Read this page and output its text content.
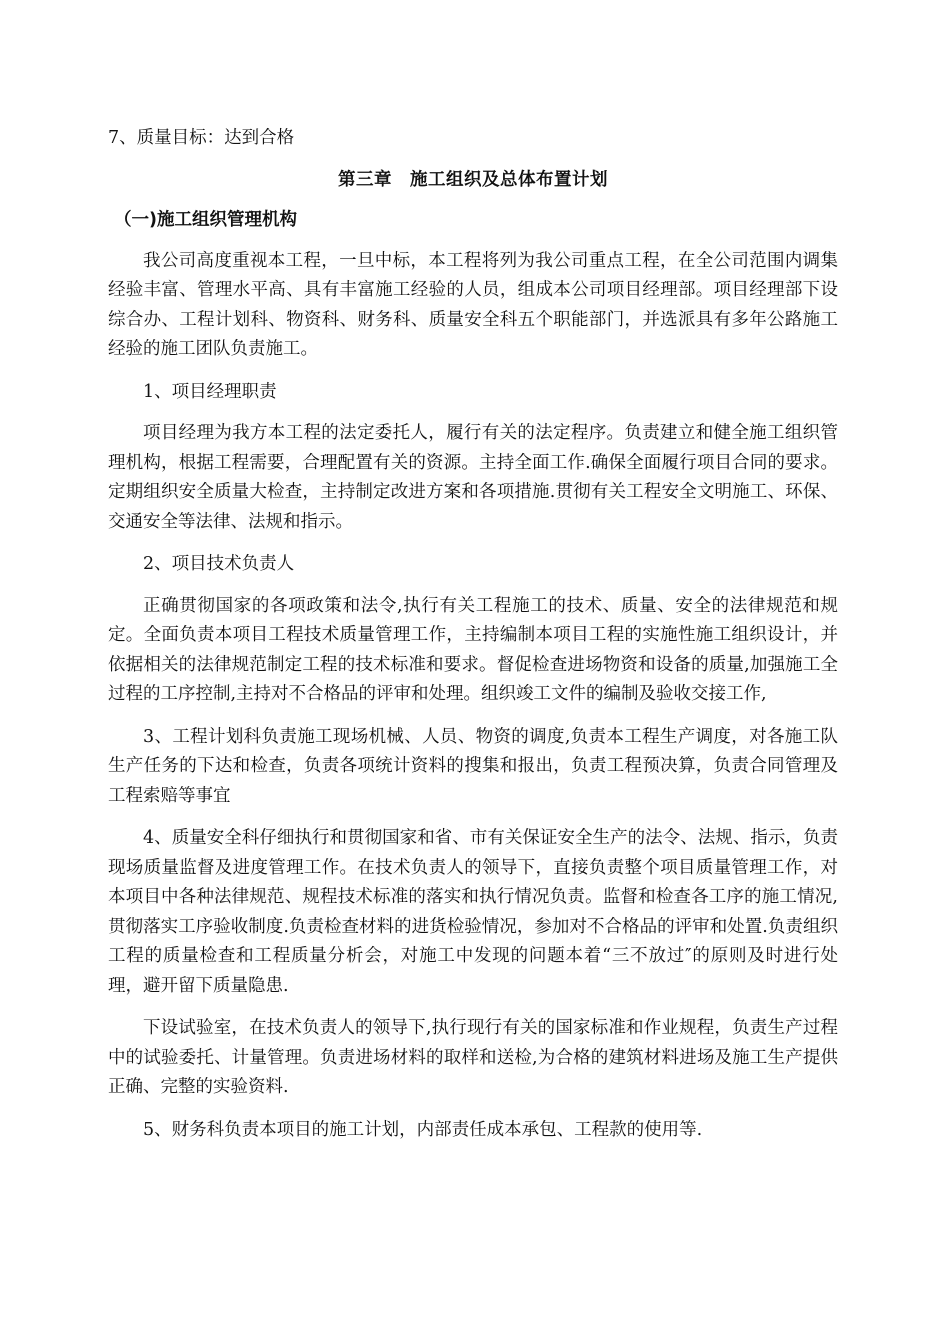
7、质量目标：达到合格

第三章　施工组织及总体布置计划

（一)施工组织管理机构

我公司高度重视本工程，一旦中标，本工程将列为我公司重点工程，在全公司范围内调集经验丰富、管理水平高、具有丰富施工经验的人员，组成本公司项目经理部。项目经理部下设综合办、工程计划科、物资科、财务科、质量安全科五个职能部门，并选派具有多年公路施工经验的施工团队负责施工。

1、项目经理职责

项目经理为我方本工程的法定委托人，履行有关的法定程序。负责建立和健全施工组织管理机构，根据工程需要，合理配置有关的资源。主持全面工作.确保全面履行项目合同的要求。定期组织安全质量大检查，主持制定改进方案和各项措施.贯彻有关工程安全文明施工、环保、交通安全等法律、法规和指示。

2、项目技术负责人

正确贯彻国家的各项政策和法令,执行有关工程施工的技术、质量、安全的法律规范和规定。全面负责本项目工程技术质量管理工作，主持编制本项目工程的实施性施工组织设计，并依据相关的法律规范制定工程的技术标准和要求。督促检查进场物资和设备的质量,加强施工全过程的工序控制,主持对不合格品的评审和处理。组织竣工文件的编制及验收交接工作,

3、工程计划科负责施工现场机械、人员、物资的调度,负责本工程生产调度，对各施工队生产任务的下达和检查，负责各项统计资料的搜集和报出，负责工程预决算，负责合同管理及工程索赔等事宜

4、质量安全科仔细执行和贯彻国家和省、市有关保证安全生产的法令、法规、指示，负责现场质量监督及进度管理工作。在技术负责人的领导下，直接负责整个项目质量管理工作，对本项目中各种法律规范、规程技术标准的落实和执行情况负责。监督和检查各工序的施工情况,贯彻落实工序验收制度.负责检查材料的进货检验情况，参加对不合格品的评审和处置.负责组织工程的质量检查和工程质量分析会，对施工中发现的问题本着“三不放过″的原则及时进行处理，避开留下质量隐患.

下设试验室，在技术负责人的领导下,执行现行有关的国家标准和作业规程，负责生产过程中的试验委托、计量管理。负责进场材料的取样和送检,为合格的建筑材料进场及施工生产提供正确、完整的实验资料.

5、财务科负责本项目的施工计划，内部责任成本承包、工程款的使用等.
